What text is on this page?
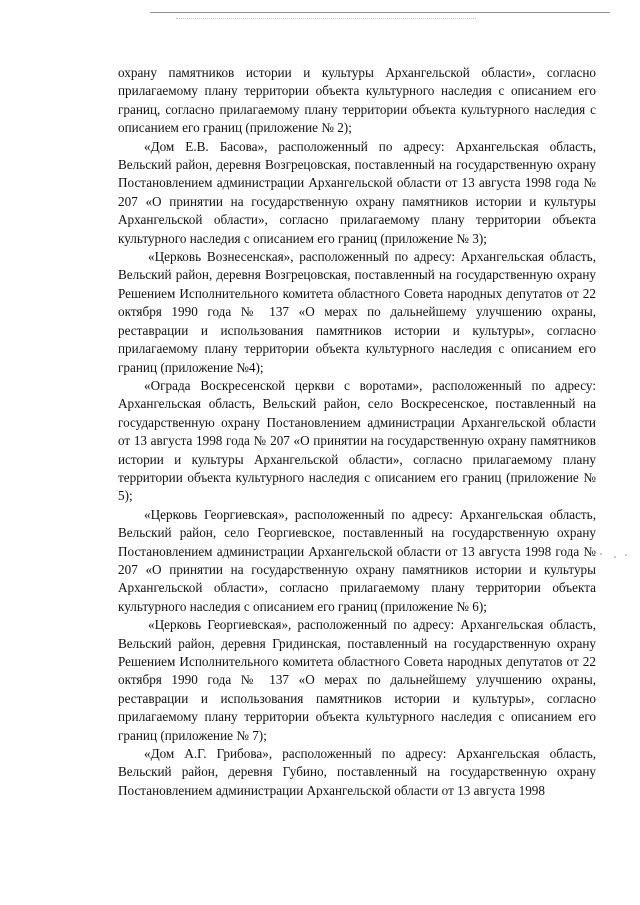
охрану памятников истории и культуры Архангельской области», согласно прилагаемому плану территории объекта культурного наследия с описанием его границ, согласно прилагаемому плану территории объекта культурного наследия с описанием его границ (приложение № 2);

«Дом Е.В. Басова», расположенный по адресу: Архангельская область, Вельский район, деревня Возгрецовская, поставленный на государственную охрану Постановлением администрации Архангельской области от 13 августа 1998 года № 207 «О принятии на государственную охрану памятников истории и культуры Архангельской области», согласно прилагаемому плану территории объекта культурного наследия с описанием его границ (приложение № 3);

«Церковь Вознесенская», расположенный по адресу: Архангельская область, Вельский район, деревня Возгрецовская, поставленный на государственную охрану Решением Исполнительного комитета областного Совета народных депутатов от 22 октября 1990 года № 137 «О мерах по дальнейшему улучшению охраны, реставрации и использования памятников истории и культуры», согласно прилагаемому плану территории объекта культурного наследия с описанием его границ (приложение №4);

«Ограда Воскресенской церкви с воротами», расположенный по адресу: Архангельская область, Вельский район, село Воскресенское, поставленный на государственную охрану Постановлением администрации Архангельской области от 13 августа 1998 года № 207 «О принятии на государственную охрану памятников истории и культуры Архангельской области», согласно прилагаемому плану территории объекта культурного наследия с описанием его границ (приложение № 5);

«Церковь Георгиевская», расположенный по адресу: Архангельская область, Вельский район, село Георгиевское, поставленный на государственную охрану Постановлением администрации Архангельской области от 13 августа 1998 года № 207 «О принятии на государственную охрану памятников истории и культуры Архангельской области», согласно прилагаемому плану территории объекта культурного наследия с описанием его границ (приложение № 6);

«Церковь Георгиевская», расположенный по адресу: Архангельская область, Вельский район, деревня Гридинская, поставленный на государственную охрану Решением Исполнительного комитета областного Совета народных депутатов от 22 октября 1990 года № 137 «О мерах по дальнейшему улучшению охраны, реставрации и использования памятников истории и культуры», согласно прилагаемому плану территории объекта культурного наследия с описанием его границ (приложение № 7);

«Дом А.Г. Грибова», расположенный по адресу: Архангельская область, Вельский район, деревня Губино, поставленный на государственную охрану Постановлением администрации Архангельской области от 13 августа 1998
